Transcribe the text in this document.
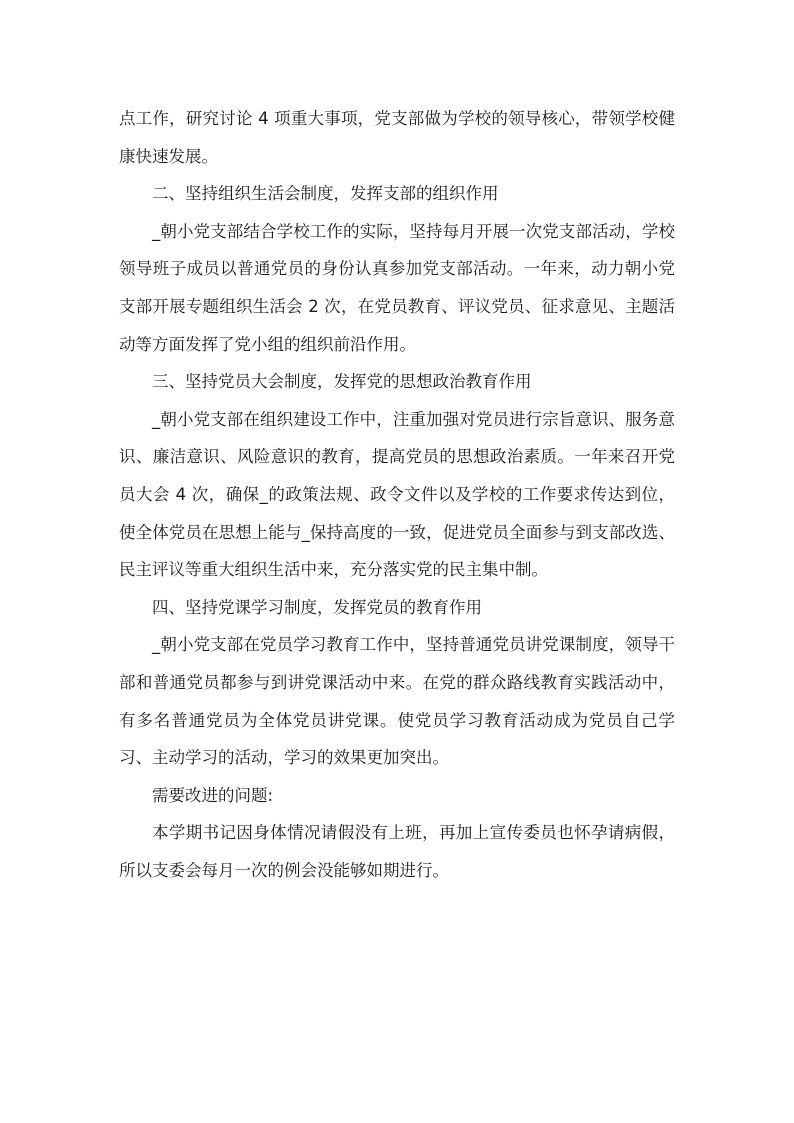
点工作，研究讨论 4 项重大事项，党支部做为学校的领导核心，带领学校健康快速发展。

二、坚持组织生活会制度，发挥支部的组织作用

_朝小党支部结合学校工作的实际，坚持每月开展一次党支部活动，学校领导班子成员以普通党员的身份认真参加党支部活动。一年来，动力朝小党支部开展专题组织生活会 2 次，在党员教育、评议党员、征求意见、主题活动等方面发挥了党小组的组织前沿作用。

三、坚持党员大会制度，发挥党的思想政治教育作用

_朝小党支部在组织建设工作中，注重加强对党员进行宗旨意识、服务意识、廉洁意识、风险意识的教育，提高党员的思想政治素质。一年来召开党员大会 4 次，确保_的政策法规、政令文件以及学校的工作要求传达到位，使全体党员在思想上能与_保持高度的一致，促进党员全面参与到支部改选、民主评议等重大组织生活中来，充分落实党的民主集中制。

四、坚持党课学习制度，发挥党员的教育作用

_朝小党支部在党员学习教育工作中，坚持普通党员讲党课制度，领导干部和普通党员都参与到讲党课活动中来。在党的群众路线教育实践活动中，有多名普通党员为全体党员讲党课。使党员学习教育活动成为党员自己学习、主动学习的活动，学习的效果更加突出。

需要改进的问题:

本学期书记因身体情况请假没有上班，再加上宣传委员也怀孕请病假，所以支委会每月一次的例会没能够如期进行。
